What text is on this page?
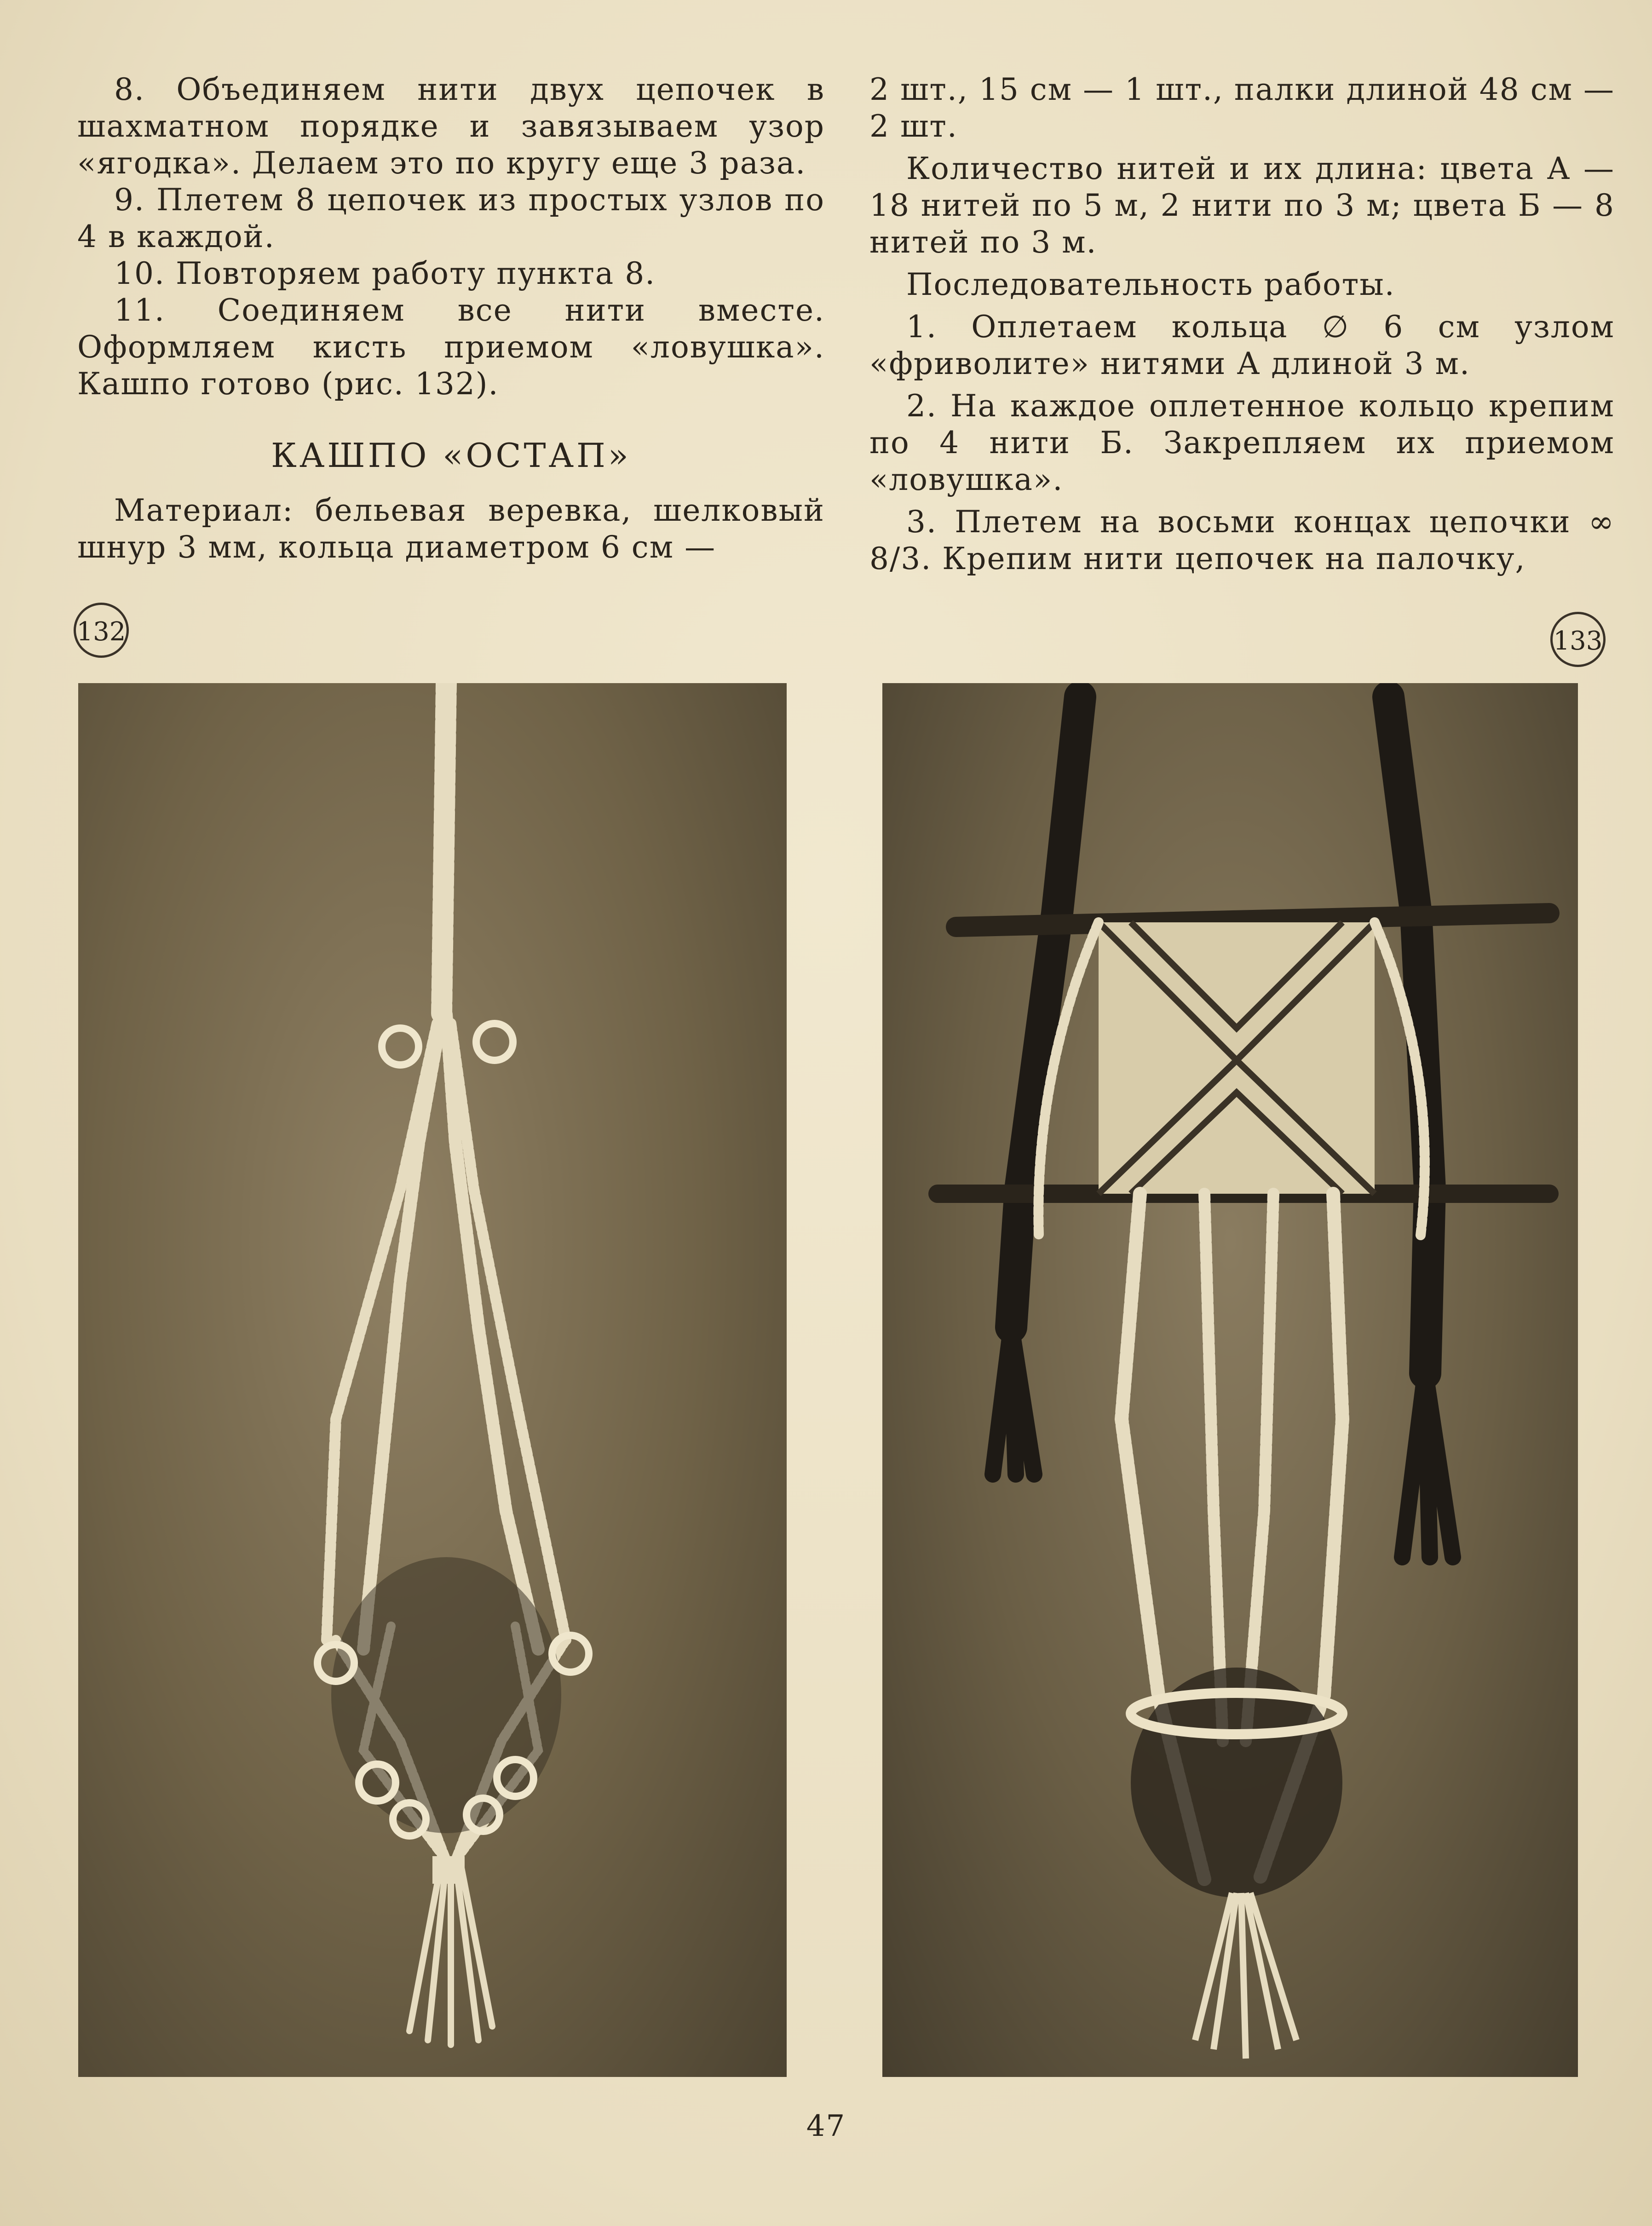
8. Объединяем нити двух цепочек в шахматном порядке и завязываем узор «ягодка». Делаем это по кругу еще 3 раза.

9. Плетем 8 цепочек из простых узлов по 4 в каждой.

10. Повторяем работу пункта 8.

11. Соединяем все нити вместе. Оформляем кисть приемом «ловушка». Кашпо готово (рис. 132).

КАШПО «ОСТАП»

Материал: бельевая веревка, шелковый шнур 3 мм, кольца диаметром 6 см —

2 шт., 15 см — 1 шт., палки длиной 48 см — 2 шт.

Количество нитей и их длина: цвета А — 18 нитей по 5 м, 2 нити по 3 м; цвета Б — 8 нитей по 3 м.

Последовательность работы.

1. Оплетаем кольца ∅ 6 см узлом «фриволите» нитями А длиной 3 м.

2. На каждое оплетенное кольцо крепим по 4 нити Б. Закрепляем их приемом «ловушка».

3. Плетем на восьми концах цепочки ∞ 8/3. Крепим нити цепочек на палочку,

132	133
47
